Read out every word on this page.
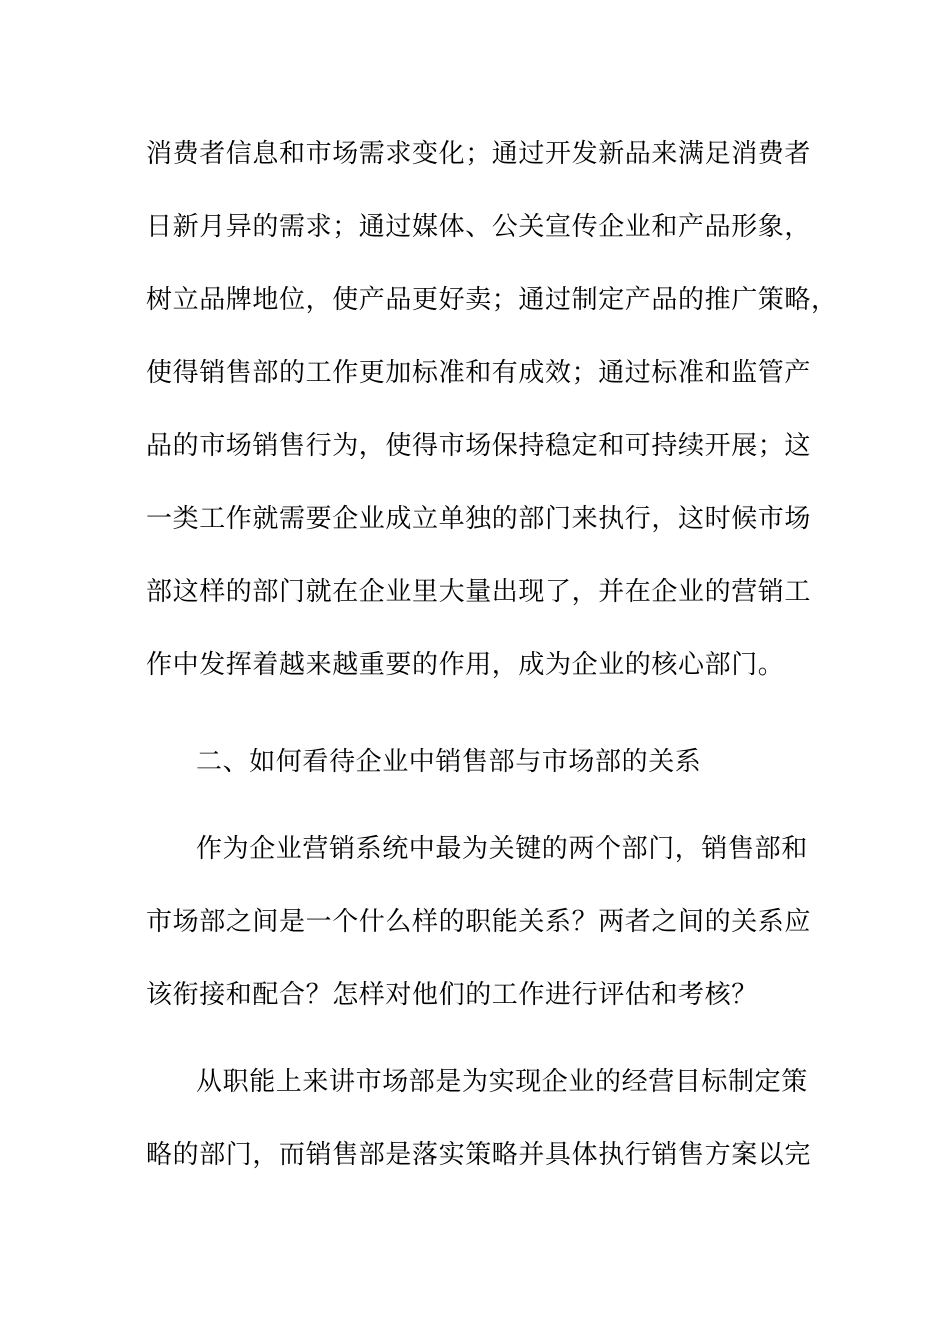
消费者信息和市场需求变化；通过开发新品来满足消费者
日新月异的需求；通过媒体、公关宣传企业和产品形象，
树立品牌地位，使产品更好卖；通过制定产品的推广策略，
使得销售部的工作更加标准和有成效；通过标准和监管产
品的市场销售行为，使得市场保持稳定和可持续开展；这
一类工作就需要企业成立单独的部门来执行，这时候市场
部这样的部门就在企业里大量出现了，并在企业的营销工
作中发挥着越来越重要的作用，成为企业的核心部门。
二、如何看待企业中销售部与市场部的关系
作为企业营销系统中最为关键的两个部门，销售部和
市场部之间是一个什么样的职能关系？两者之间的关系应
该衔接和配合？怎样对他们的工作进行评估和考核？
从职能上来讲市场部是为实现企业的经营目标制定策
略的部门，而销售部是落实策略并具体执行销售方案以完
